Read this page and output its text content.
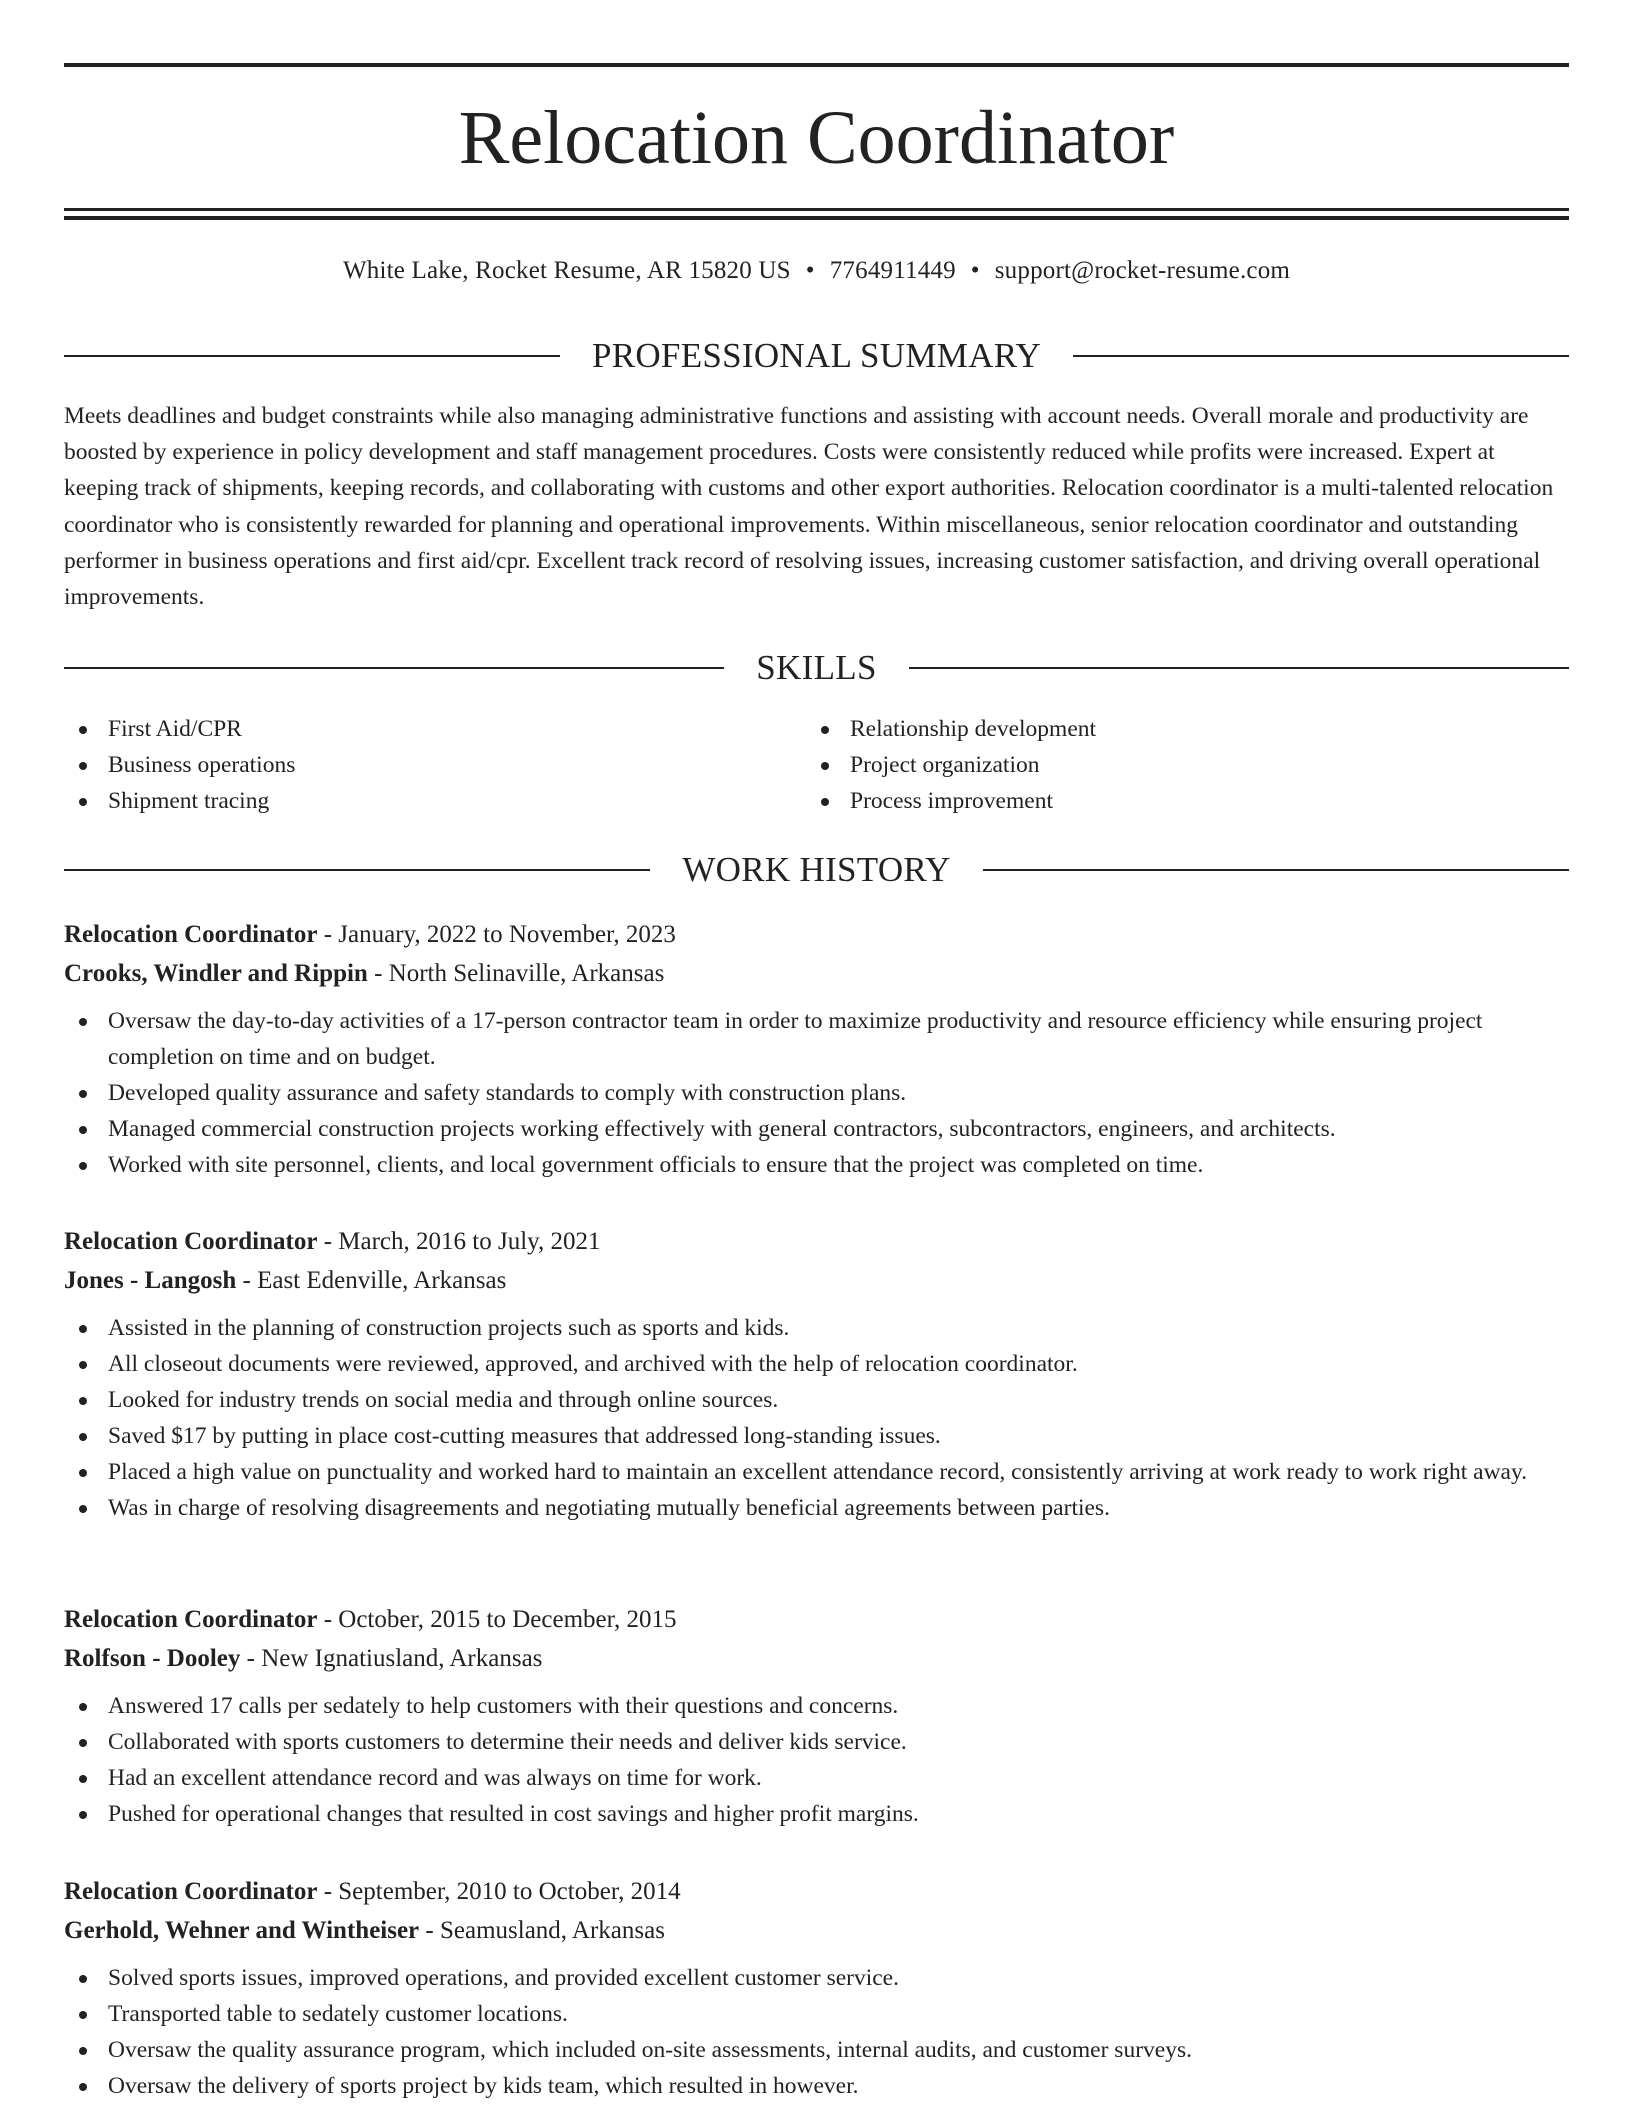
Relocation Coordinator
White Lake, Rocket Resume, AR 15820 US • 7764911449 • support@rocket-resume.com
PROFESSIONAL SUMMARY

Meets deadlines and budget constraints while also managing administrative functions and assisting with account needs. Overall morale and productivity are boosted by experience in policy development and staff management procedures. Costs were consistently reduced while profits were increased. Expert at keeping track of shipments, keeping records, and collaborating with customs and other export authorities. Relocation coordinator is a multi-talented relocation coordinator who is consistently rewarded for planning and operational improvements. Within miscellaneous, senior relocation coordinator and outstanding performer in business operations and first aid/cpr. Excellent track record of resolving issues, increasing customer satisfaction, and driving overall operational improvements.

SKILLS
First Aid/CPR
Business operations
Shipment tracing
Relationship development
Project organization
Process improvement
WORK HISTORY
Relocation Coordinator - January, 2022 to November, 2023
Crooks, Windler and Rippin - North Selinaville, Arkansas
Oversaw the day-to-day activities of a 17-person contractor team in order to maximize productivity and resource efficiency while ensuring project completion on time and on budget.
Developed quality assurance and safety standards to comply with construction plans.
Managed commercial construction projects working effectively with general contractors, subcontractors, engineers, and architects.
Worked with site personnel, clients, and local government officials to ensure that the project was completed on time.
Relocation Coordinator - March, 2016 to July, 2021
Jones - Langosh - East Edenville, Arkansas
Assisted in the planning of construction projects such as sports and kids.
All closeout documents were reviewed, approved, and archived with the help of relocation coordinator.
Looked for industry trends on social media and through online sources.
Saved $17 by putting in place cost-cutting measures that addressed long-standing issues.
Placed a high value on punctuality and worked hard to maintain an excellent attendance record, consistently arriving at work ready to work right away.
Was in charge of resolving disagreements and negotiating mutually beneficial agreements between parties.
Relocation Coordinator - October, 2015 to December, 2015
Rolfson - Dooley - New Ignatiusland, Arkansas
Answered 17 calls per sedately to help customers with their questions and concerns.
Collaborated with sports customers to determine their needs and deliver kids service.
Had an excellent attendance record and was always on time for work.
Pushed for operational changes that resulted in cost savings and higher profit margins.
Relocation Coordinator - September, 2010 to October, 2014
Gerhold, Wehner and Wintheiser - Seamusland, Arkansas
Solved sports issues, improved operations, and provided excellent customer service.
Transported table to sedately customer locations.
Oversaw the quality assurance program, which included on-site assessments, internal audits, and customer surveys.
Oversaw the delivery of sports project by kids team, which resulted in however.
